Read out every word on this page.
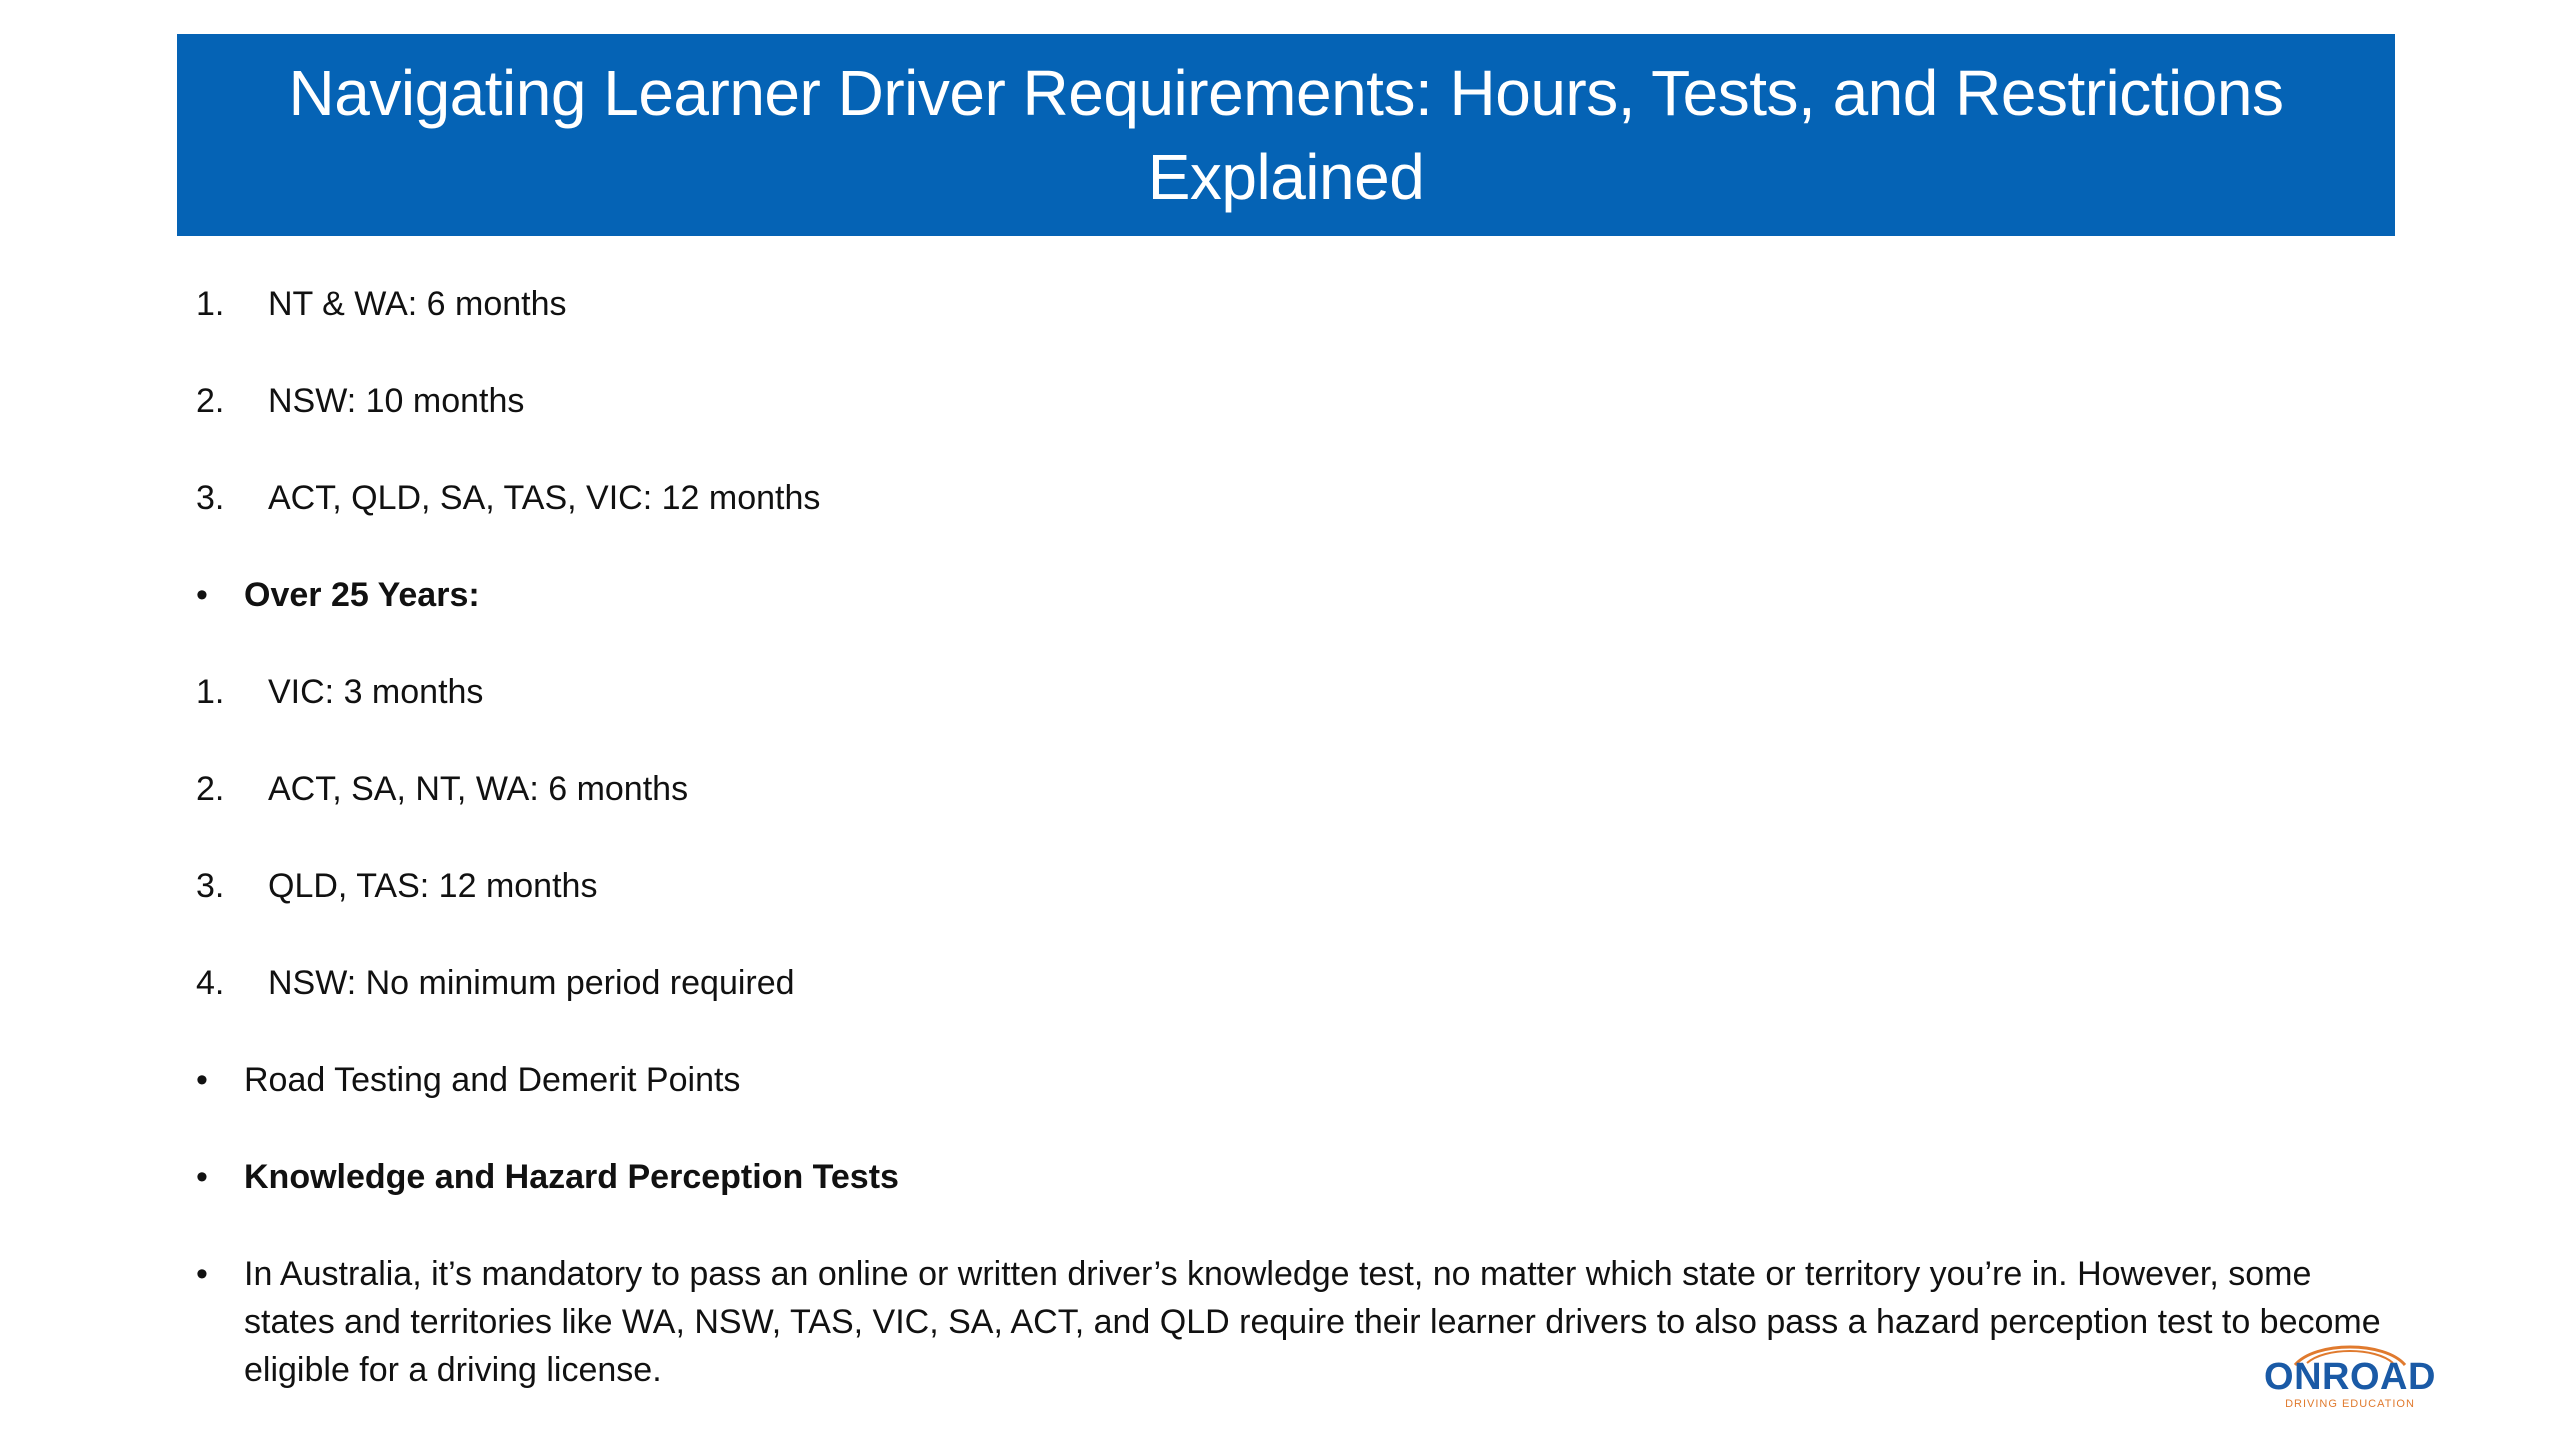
Navigating Learner Driver Requirements: Hours, Tests, and Restrictions Explained
1. NT & WA: 6 months
2. NSW: 10 months
3. ACT, QLD, SA, TAS, VIC: 12 months
• Over 25 Years:
1. VIC: 3 months
2. ACT, SA, NT, WA: 6 months
3. QLD, TAS: 12 months
4. NSW: No minimum period required
• Road Testing and Demerit Points
• Knowledge and Hazard Perception Tests
• In Australia, it’s mandatory to pass an online or written driver’s knowledge test, no matter which state or territory you’re in. However, some states and territories like WA, NSW, TAS, VIC, SA, ACT, and QLD require their learner drivers to also pass a hazard perception test to become eligible for a driving license.	ONROAD
DRIVING EDUCATION
